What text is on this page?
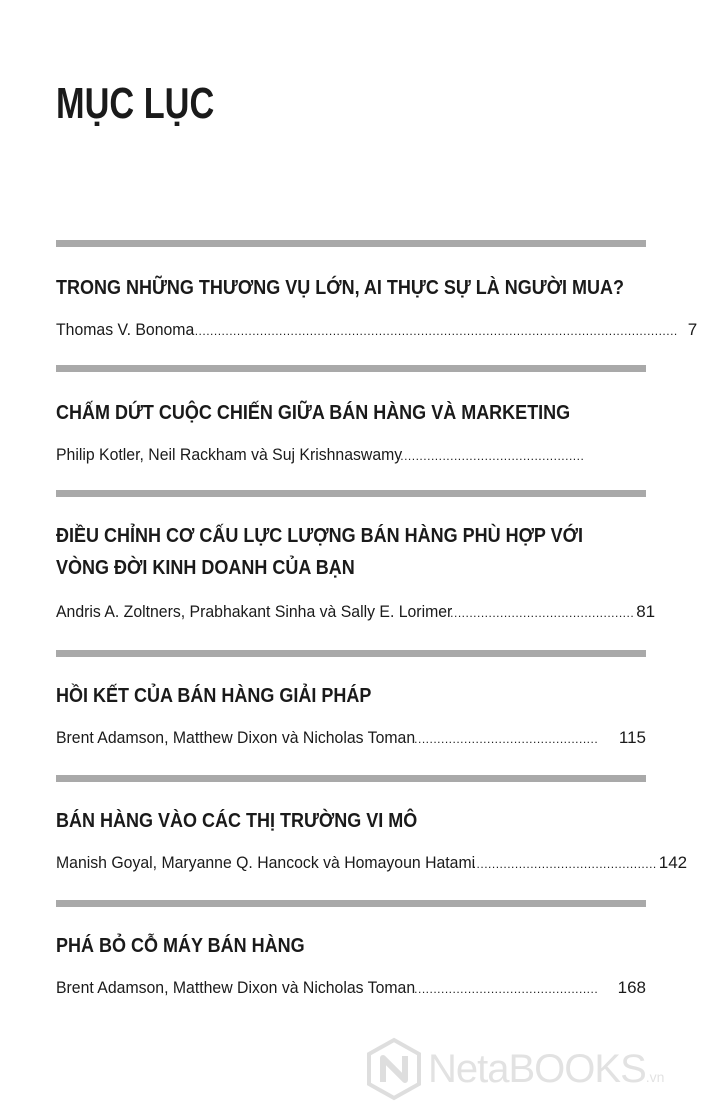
MỤC LỤC

TRONG NHỮNG THƯƠNG VỤ LỚN, AI THỰC SỰ LÀ NGƯỜI MUA?

Thomas V. Bonoma .............................................................................................................................. 7

CHẤM DỨT CUỘC CHIẾN GIỮA BÁN HÀNG VÀ MARKETING

Philip Kotler, Neil Rackham và Suj Krishnaswamy
................................................

ĐIỀU CHỈNH CƠ CẤU LỰC LƯỢNG BÁN HÀNG PHÙ HỢP VỚI

VÒNG ĐỜI KINH DOANH CỦA BẠN

Andris A. Zoltners, Prabhakant Sinha và Sally E. Lorimer
................................................ 81

HỒI KẾT CỦA BÁN HÀNG GIẢI PHÁP

Brent Adamson, Matthew Dixon và Nicholas Toman ................................................	115

BÁN HÀNG VÀO CÁC THỊ TRƯỜNG VI MÔ

Manish Goyal, Maryanne Q. Hancock và Homayoun Hatami
................................................ 142

PHÁ BỎ CỖ MÁY BÁN HÀNG

Brent Adamson, Matthew Dixon và Nicholas Toman ................................................	168
NetaBOOKS.vn
